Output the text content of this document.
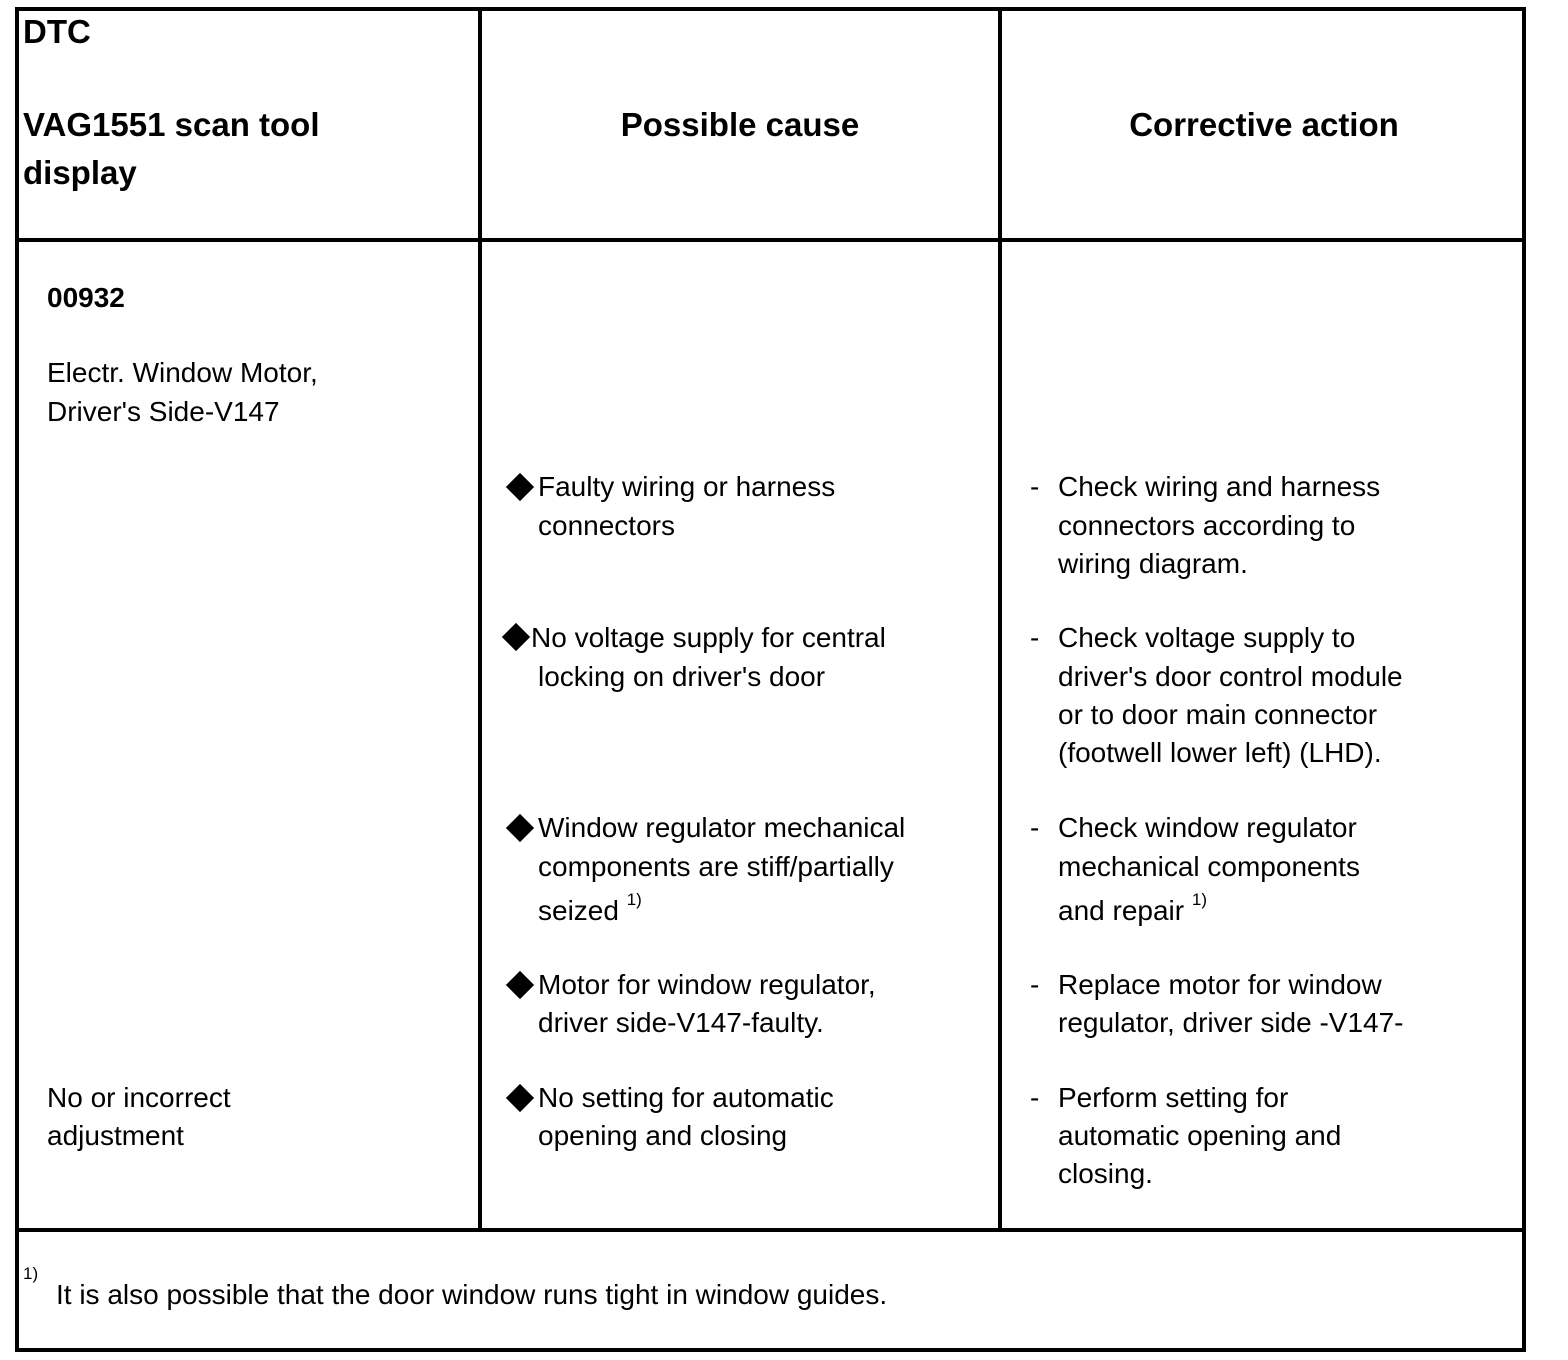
DTC
VAG1551 scan tool
display
Possible cause	Corrective action
00932
Electr. Window Motor,
Driver's Side-V147
No or incorrect
adjustment
Faulty wiring or harness
connectors
No voltage supply for central
locking on driver's door
Window regulator mechanical
components are stiff/partially
seized $^{1)}$
Motor for window regulator,
driver side-V147-faulty.
No setting for automatic
opening and closing
- Check wiring and harness
connectors according to
wiring diagram.
- Check voltage supply to
driver's door control module
or to door main connector
(footwell lower left) (LHD).
- Check window regulator
mechanical components
and repair $^{1)}$
- Replace motor for window
regulator, driver side -V147-
- Perform setting for
automatic opening and
closing.
$^{1)}$
It is also possible that the door window runs tight in window guides.
